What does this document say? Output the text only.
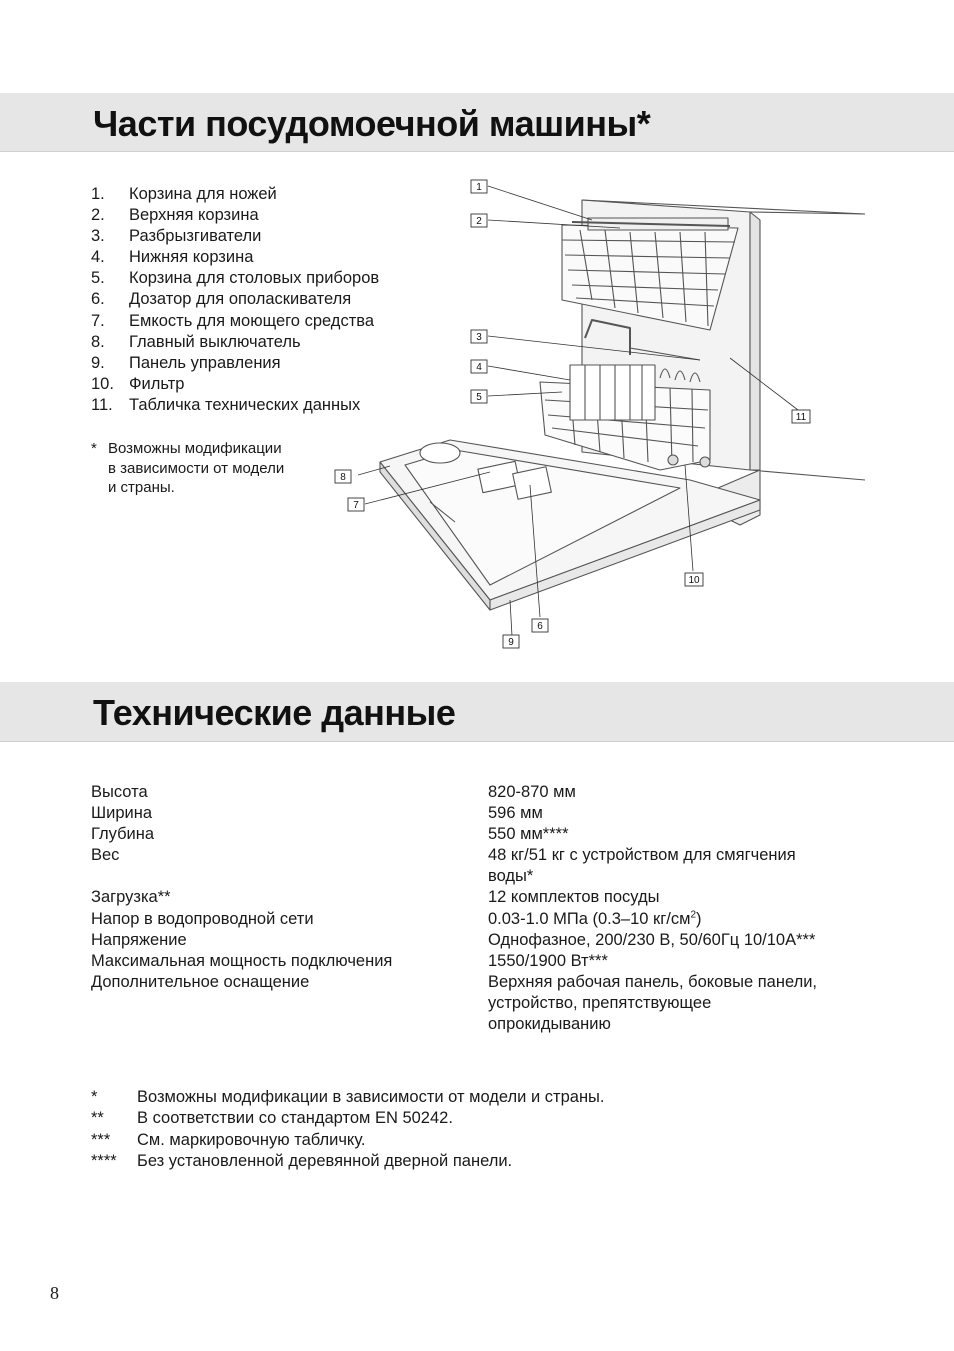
Части посудомоечной машины*
1. Корзина для ножей
2. Верхняя корзина
3. Разбрызгиватели
4. Нижняя корзина
5. Корзина для столовых приборов
6. Дозатор для ополаскивателя
7. Емкость для моющего средства
8. Главный выключатель
9. Панель управления
10. Фильтр
11. Табличка технических данных
* Возможны модификации
в зависимости от модели
и страны.
1
2
3
4
5
11
8
7
10
6
9
Технические данные
Высота	820-870 мм
Ширина	596 мм
Глубина	550 мм****
Вес	48 кг/51 кг с устройством для смягчения
воды*
Загрузка**	12 комплектов посуды
Напор в водопроводной сети	0.03-1.0 МПа (0.3–10 $кг/см^2$)
Напряжение	Однофазное, 200/230 В, 50/60Гц 10/10А***
Максимальная мощность подключения	1550/1900 Вт***
Дополнительное оснащение	Верхняя рабочая панель, боковые панели,
устройство, препятствующее
опрокидыванию
* Возможны модификации в зависимости от модели и страны.
** В соответствии со стандартом EN 50242.
*** См. маркировочную табличку.
**** Без установленной деревянной дверной панели.
8
